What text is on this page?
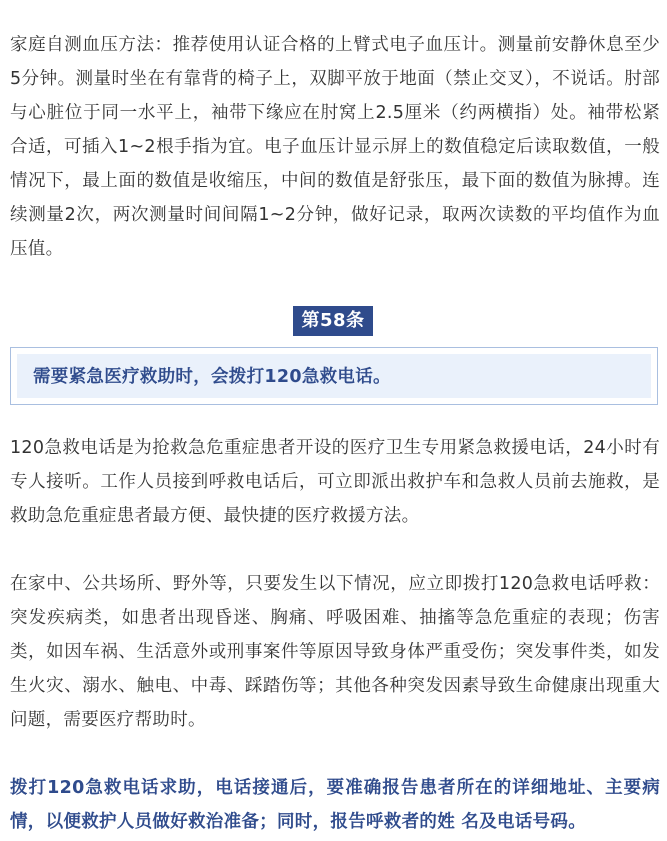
家庭自测血压方法：推荐使用认证合格的上臂式电子血压计。测量前安静休息至少5分钟。测量时坐在有靠背的椅子上，双脚平放于地面（禁止交叉），不说话。肘部与心脏位于同一水平上，袖带下缘应在肘窝上2.5厘米（约两横指）处。袖带松紧合适，可插入1~2根手指为宜。电子血压计显示屏上的数值稳定后读取数值，一般情况下，最上面的数值是收缩压，中间的数值是舒张压，最下面的数值为脉搏。连续测量2次，两次测量时间间隔1~2分钟，做好记录，取两次读数的平均值作为血压值。

第58条
需要紧急医疗救助时，会拨打120急救电话。

120急救电话是为抢救急危重症患者开设的医疗卫生专用紧急救援电话，24小时有专人接听。工作人员接到呼救电话后，可立即派出救护车和急救人员前去施救，是救助急危重症患者最方便、最快捷的医疗救援方法。

在家中、公共场所、野外等，只要发生以下情况，应立即拨打120急救电话呼救：突发疾病类，如患者出现昏迷、胸痛、呼吸困难、抽搐等急危重症的表现；伤害类，如因车祸、生活意外或刑事案件等原因导致身体严重受伤；突发事件类，如发生火灾、溺水、触电、中毒、踩踏伤等；其他各种突发因素导致生命健康出现重大问题，需要医疗帮助时。

拨打120急救电话求助，电话接通后，要准确报告患者所在的详细地址、主要病情，以便救护人员做好救治准备；同时，报告呼救者的姓 名及电话号码。
